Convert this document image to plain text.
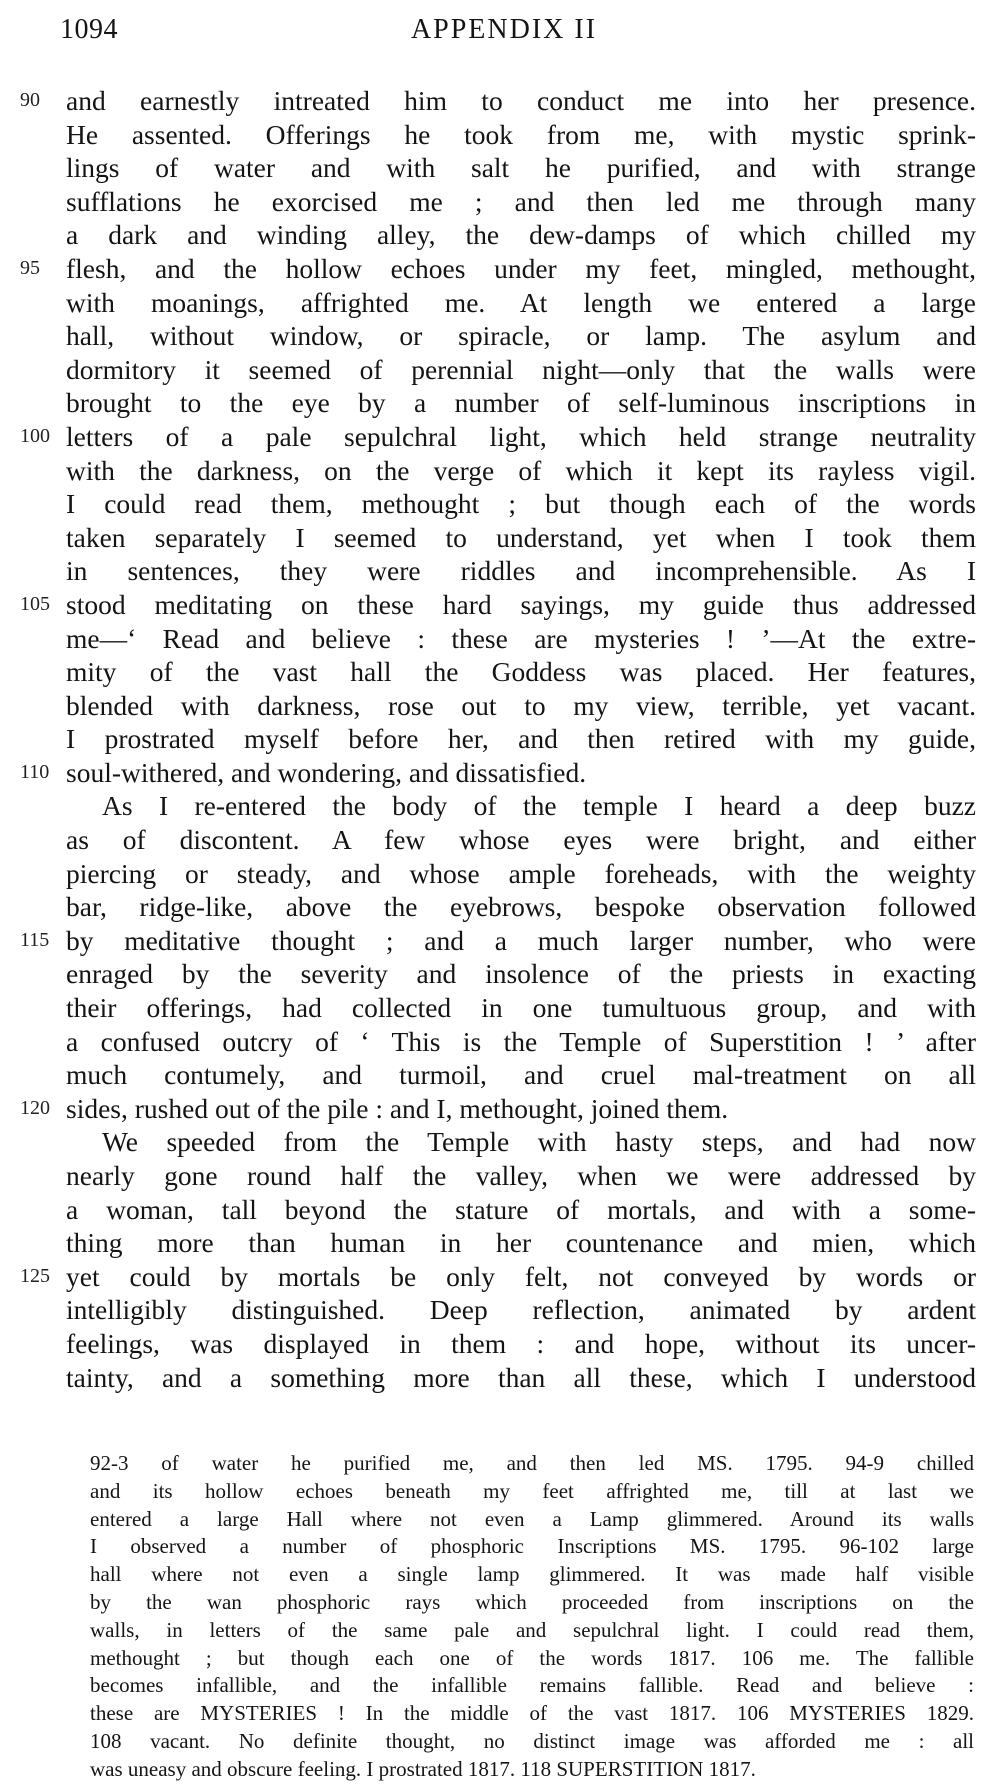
1094	APPENDIX II
90 and earnestly intreated him to conduct me into her presence.
He assented. Offerings he took from me, with mystic sprink-
lings of water and with salt he purified, and with strange
sufflations he exorcised me ; and then led me through many
a dark and winding alley, the dew-damps of which chilled my
95 flesh, and the hollow echoes under my feet, mingled, methought,
with moanings, affrighted me. At length we entered a large
hall, without window, or spiracle, or lamp. The asylum and
dormitory it seemed of perennial night—only that the walls were
brought to the eye by a number of self-luminous inscriptions in
100 letters of a pale sepulchral light, which held strange neutrality
with the darkness, on the verge of which it kept its rayless vigil.
I could read them, methought ; but though each of the words
taken separately I seemed to understand, yet when I took them
in sentences, they were riddles and incomprehensible. As I
105 stood meditating on these hard sayings, my guide thus addressed
me—‘ Read and believe : these are mysteries ! ’—At the extre-
mity of the vast hall the Goddess was placed. Her features,
blended with darkness, rose out to my view, terrible, yet vacant.
I prostrated myself before her, and then retired with my guide,
110 soul-withered, and wondering, and dissatisfied.
As I re-entered the body of the temple I heard a deep buzz
as of discontent. A few whose eyes were bright, and either
piercing or steady, and whose ample foreheads, with the weighty
bar, ridge-like, above the eyebrows, bespoke observation followed
115 by meditative thought ; and a much larger number, who were
enraged by the severity and insolence of the priests in exacting
their offerings, had collected in one tumultuous group, and with
a confused outcry of ‘ This is the Temple of Superstition ! ’ after
much contumely, and turmoil, and cruel mal-treatment on all
120 sides, rushed out of the pile : and I, methought, joined them.
We speeded from the Temple with hasty steps, and had now
nearly gone round half the valley, when we were addressed by
a woman, tall beyond the stature of mortals, and with a some-
thing more than human in her countenance and mien, which
125 yet could by mortals be only felt, not conveyed by words or
intelligibly distinguished. Deep reflection, animated by ardent
feelings, was displayed in them : and hope, without its uncer-
tainty, and a something more than all these, which I understood
92-3 of water he purified me, and then led MS. 1795. 94-9 chilled
and its hollow echoes beneath my feet affrighted me, till at last we
entered a large Hall where not even a Lamp glimmered. Around its walls
I observed a number of phosphoric Inscriptions MS. 1795. 96-102 large
hall where not even a single lamp glimmered. It was made half visible
by the wan phosphoric rays which proceeded from inscriptions on the
walls, in letters of the same pale and sepulchral light. I could read them,
methought ; but though each one of the words 1817. 106 me. The fallible
becomes infallible, and the infallible remains fallible. Read and believe :
these are MYSTERIES ! In the middle of the vast 1817. 106 MYSTERIES 1829.
108 vacant. No definite thought, no distinct image was afforded me : all
was uneasy and obscure feeling. I prostrated 1817. 118 SUPERSTITION 1817.
